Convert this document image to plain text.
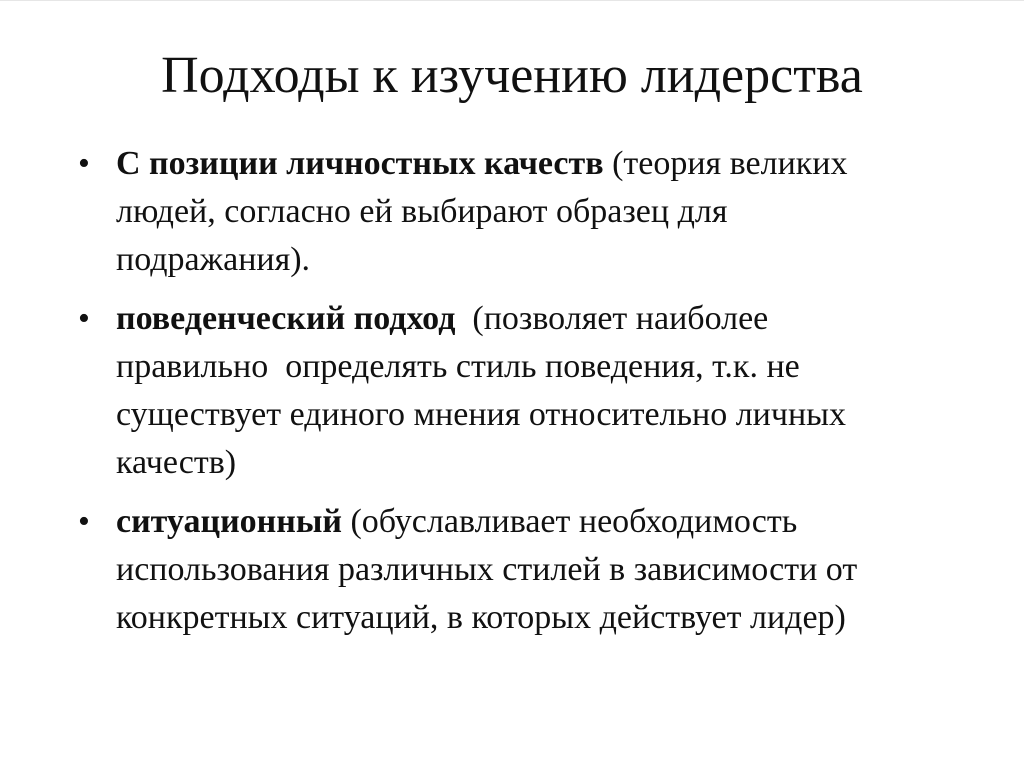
Подходы к изучению лидерства
• С позиции личностных качеств (теория великих
людей, согласно ей выбирают образец для
подражания).
• поведенческий подход  (позволяет наиболее
правильно  определять стиль поведения, т.к. не
существует единого мнения относительно личных
качеств)
• ситуационный (обуславливает необходимость
использования различных стилей в зависимости от
конкретных ситуаций, в которых действует лидер)
